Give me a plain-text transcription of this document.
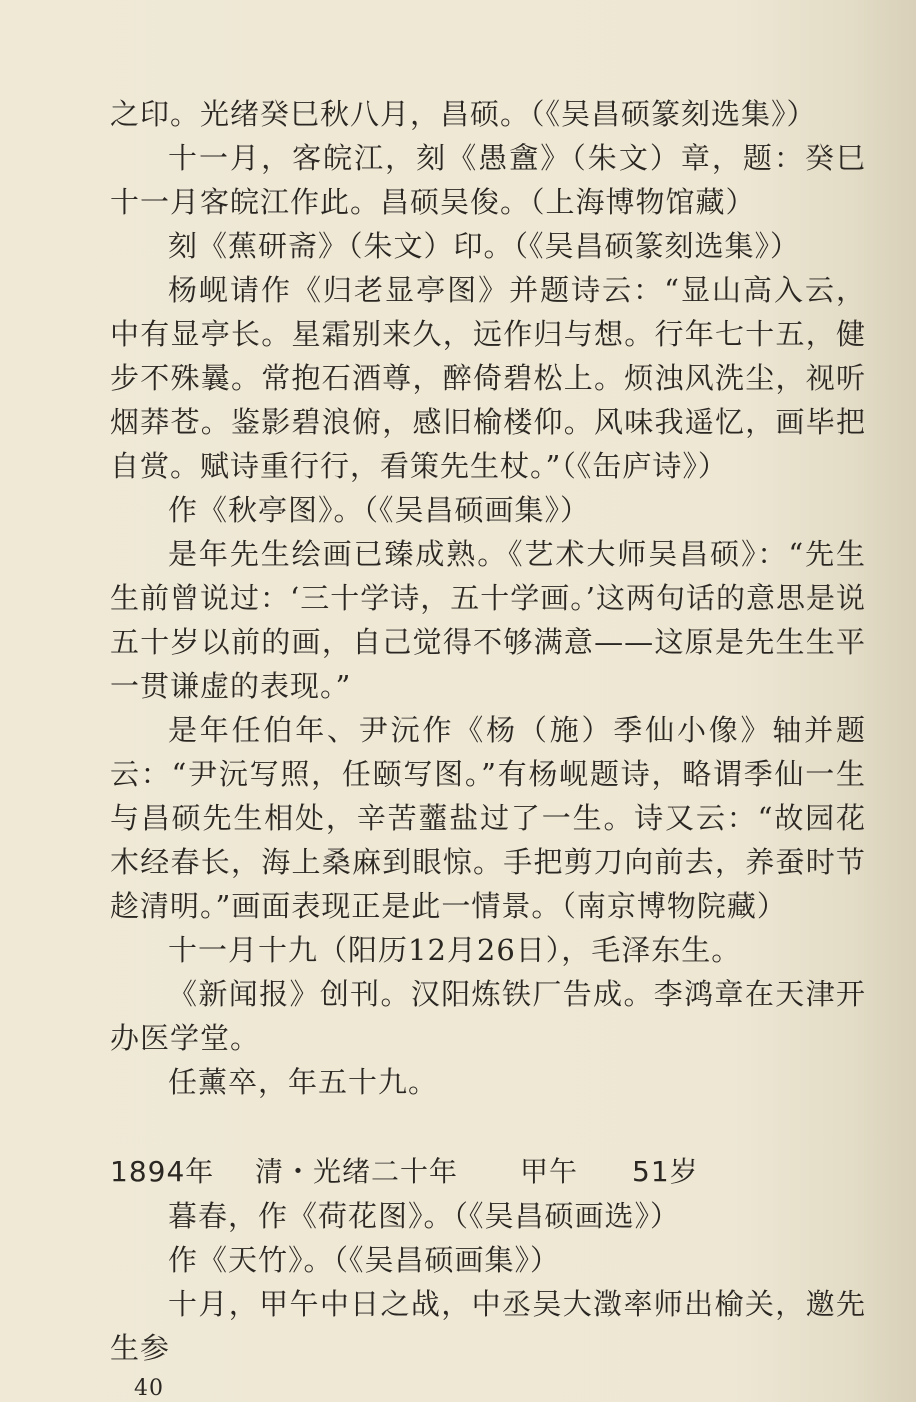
之印。光绪癸巳秋八月，昌硕。（《吴昌硕篆刻选集》）

十一月，客皖江，刻《愚盦》（朱文）章，题：癸巳十一月客皖江作此。昌硕吴俊。（上海博物馆藏）

刻《蕉研斋》（朱文）印。（《吴昌硕篆刻选集》）

杨岘请作《归老显亭图》并题诗云：“显山高入云，中有显亭长。星霜别来久，远作归与想。行年七十五，健步不殊曩。常抱石酒尊，醉倚碧松上。烦浊风洗尘，视听烟莽苍。鉴影碧浪俯，感旧榆楼仰。风味我遥忆，画毕把自赏。赋诗重行行，看策先生杖。”（《缶庐诗》）

作《秋亭图》。（《吴昌硕画集》）

是年先生绘画已臻成熟。《艺术大师吴昌硕》：“先生生前曾说过：‘三十学诗，五十学画。’这两句话的意思是说五十岁以前的画，自己觉得不够满意——这原是先生生平一贯谦虚的表现。”

是年任伯年、尹沅作《杨（施）季仙小像》轴并题云：“尹沅写照，任颐写图。”有杨岘题诗，略谓季仙一生与昌硕先生相处，辛苦虀盐过了一生。诗又云：“故园花木经春长，海上桑麻到眼惊。手把剪刀向前去，养蚕时节趁清明。”画面表现正是此一情景。（南京博物院藏）

十一月十九（阳历12月26日），毛泽东生。

《新闻报》创刊。汉阳炼铁厂告成。李鸿章在天津开办医学堂。

任薰卒，年五十九。

1894年	清・光绪二十年	甲午	51岁

暮春，作《荷花图》。（《吴昌硕画选》）

作《天竹》。（《吴昌硕画集》）

十月，甲午中日之战，中丞吴大澂率师出榆关，邀先生参

40
